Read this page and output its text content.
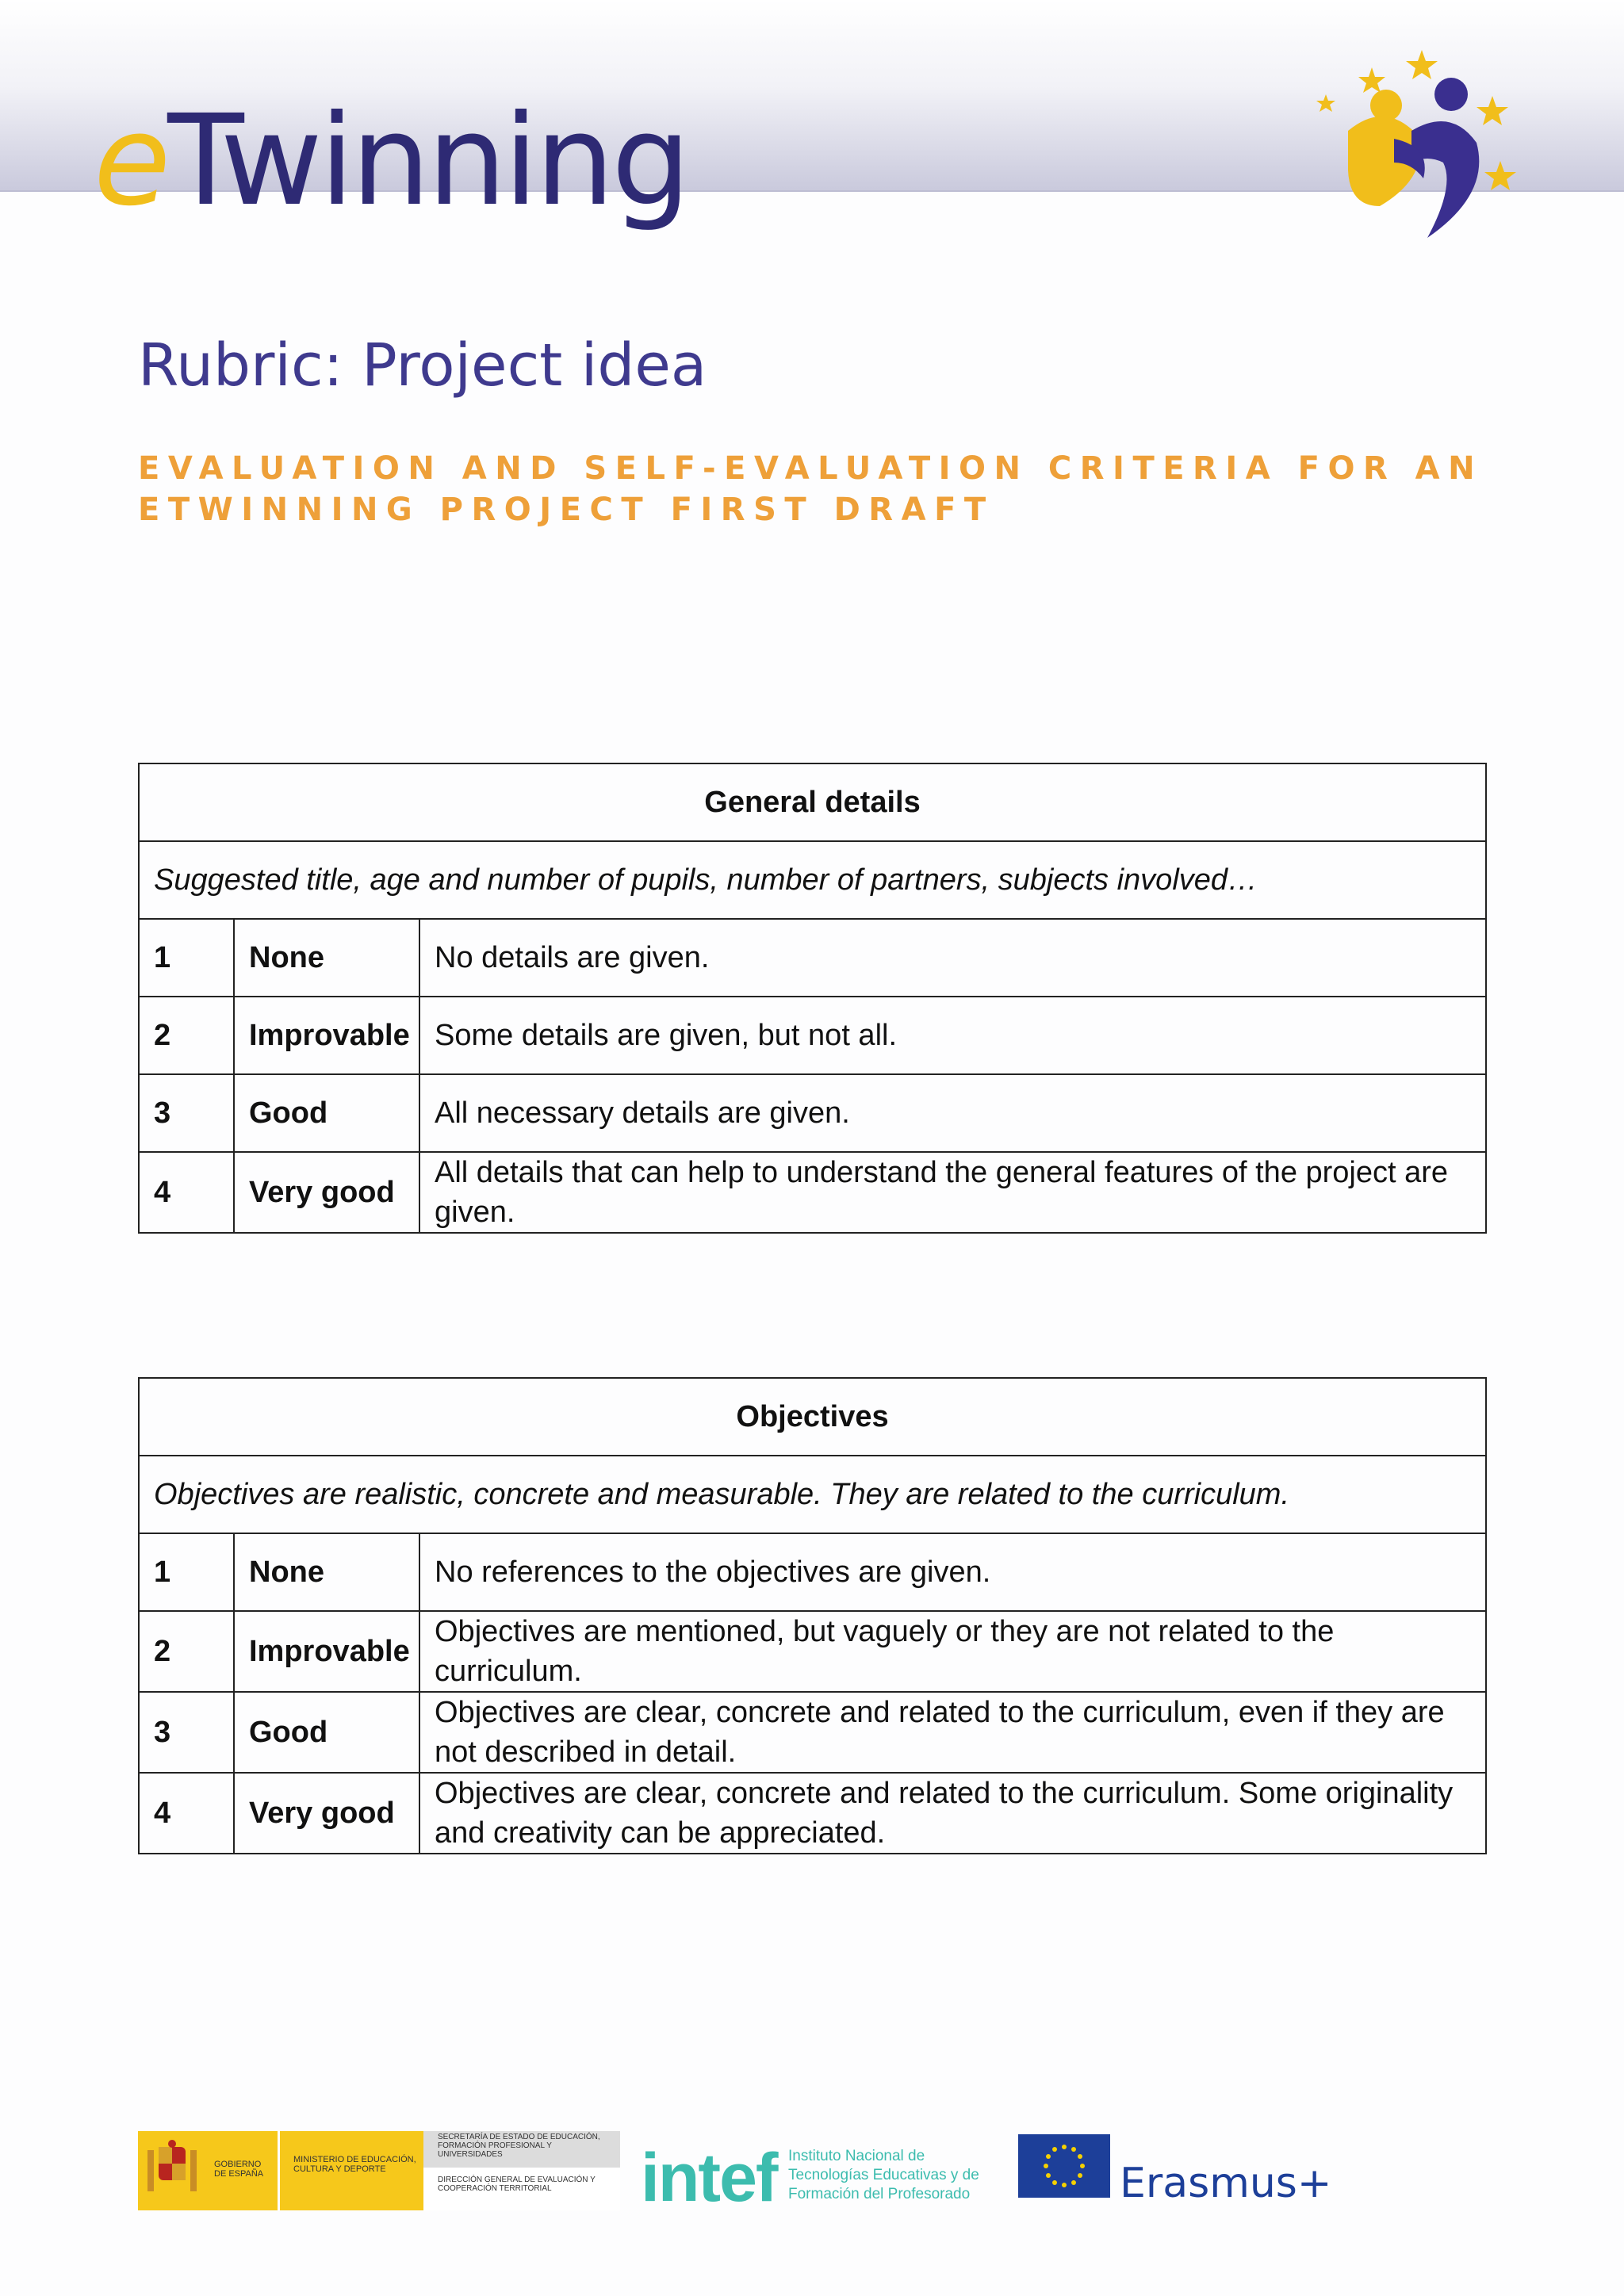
eTwinning
Rubric: Project idea
EVALUATION AND SELF-EVALUATION CRITERIA FOR AN ETWINNING PROJECT FIRST DRAFT
General details		
Suggested title, age and number of pupils, number of partners, subjects involved…		
1	None	No details are given.
2	Improvable	Some details are given, but not all.
3	Good	All necessary details are given.
4	Very good	All details that can help to understand the general features of the project are given.
Objectives		
Objectives are realistic, concrete and measurable. They are related to the curriculum.		
1	None	No references to the objectives are given.
2	Improvable	Objectives are mentioned, but vaguely or they are not related to the curriculum.
3	Good	Objectives are clear, concrete and related to the curriculum, even if they are not described in detail.
4	Very good	Objectives are clear, concrete and related to the curriculum. Some originality and creativity can be appreciated.
GOBIERNO DE ESPAÑA
MINISTERIO DE EDUCACIÓN, CULTURA Y DEPORTE
SECRETARÍA DE ESTADO DE EDUCACIÓN, FORMACIÓN PROFESIONAL Y UNIVERSIDADES
DIRECCIÓN GENERAL DE EVALUACIÓN Y COOPERACIÓN TERRITORIAL	intef Instituto Nacional de Tecnologías Educativas y de Formación del Profesorado	Erasmus+
